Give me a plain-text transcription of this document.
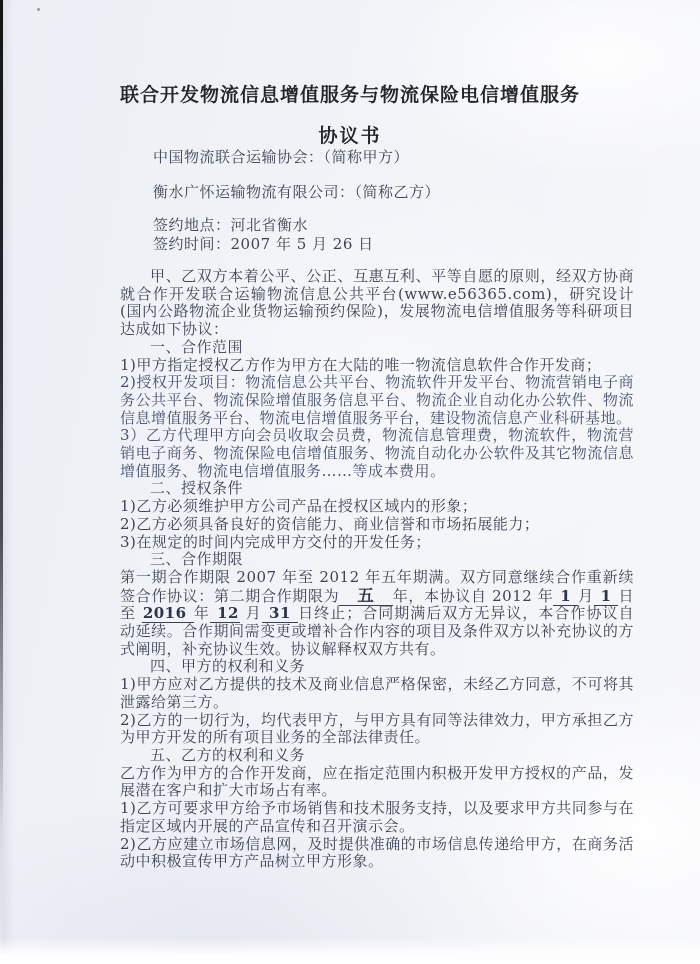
联合开发物流信息增值服务与物流保险电信增值服务
协议书
中国物流联合运输协会：（简称甲方）
衡水广怀运输物流有限公司：（简称乙方）
签约地点：河北省衡水
签约时间：2007 年 5 月 26 日

甲、乙双方本着公平、公正、互惠互利、平等自愿的原则，经双方协商就合作开发联合运输物流信息公共平台(www.e56365.com)，研究设计(国内公路物流企业货物运输预约保险)，发展物流电信增值服务等科研项目达成如下协议：

一、合作范围

1)甲方指定授权乙方作为甲方在大陆的唯一物流信息软件合作开发商；

2)授权开发项目：物流信息公共平台、物流软件开发平台、物流营销电子商务公共平台、物流保险增值服务信息平台、物流企业自动化办公软件、物流信息增值服务平台、物流电信增值服务平台，建设物流信息产业科研基地。

3）乙方代理甲方向会员收取会员费，物流信息管理费，物流软件，物流营销电子商务、物流保险电信增值服务、物流自动化办公软件及其它物流信息增值服务、物流电信增值服务……等成本费用。

二、授权条件

1)乙方必须维护甲方公司产品在授权区域内的形象；

2)乙方必须具备良好的资信能力、商业信誉和市场拓展能力；

3)在规定的时间内完成甲方交付的开发任务；

三、合作期限

第一期合作期限 2007 年至 2012 年五年期满。双方同意继续合作重新续签合作协议：第二期合作期限为　五　年，本协议自 2012 年 1 月 1 日 至 2016 年 12 月 31 日终止；合同期满后双方无异议，本合作协议自动延续。合作期间需变更或增补合作内容的项目及条件双方以补充协议的方式阐明，补充协议生效。协议解释权双方共有。

四、甲方的权利和义务

1)甲方应对乙方提供的技术及商业信息严格保密，未经乙方同意，不可将其泄露给第三方。

2)乙方的一切行为，均代表甲方，与甲方具有同等法律效力，甲方承担乙方为甲方开发的所有项目业务的全部法律责任。

五、乙方的权利和义务

乙方作为甲方的合作开发商，应在指定范围内积极开发甲方授权的产品，发展潜在客户和扩大市场占有率。

1)乙方可要求甲方给予市场销售和技术服务支持，以及要求甲方共同参与在指定区域内开展的产品宣传和召开演示会。

2)乙方应建立市场信息网，及时提供准确的市场信息传递给甲方，在商务活动中积极宣传甲方产品树立甲方形象。
